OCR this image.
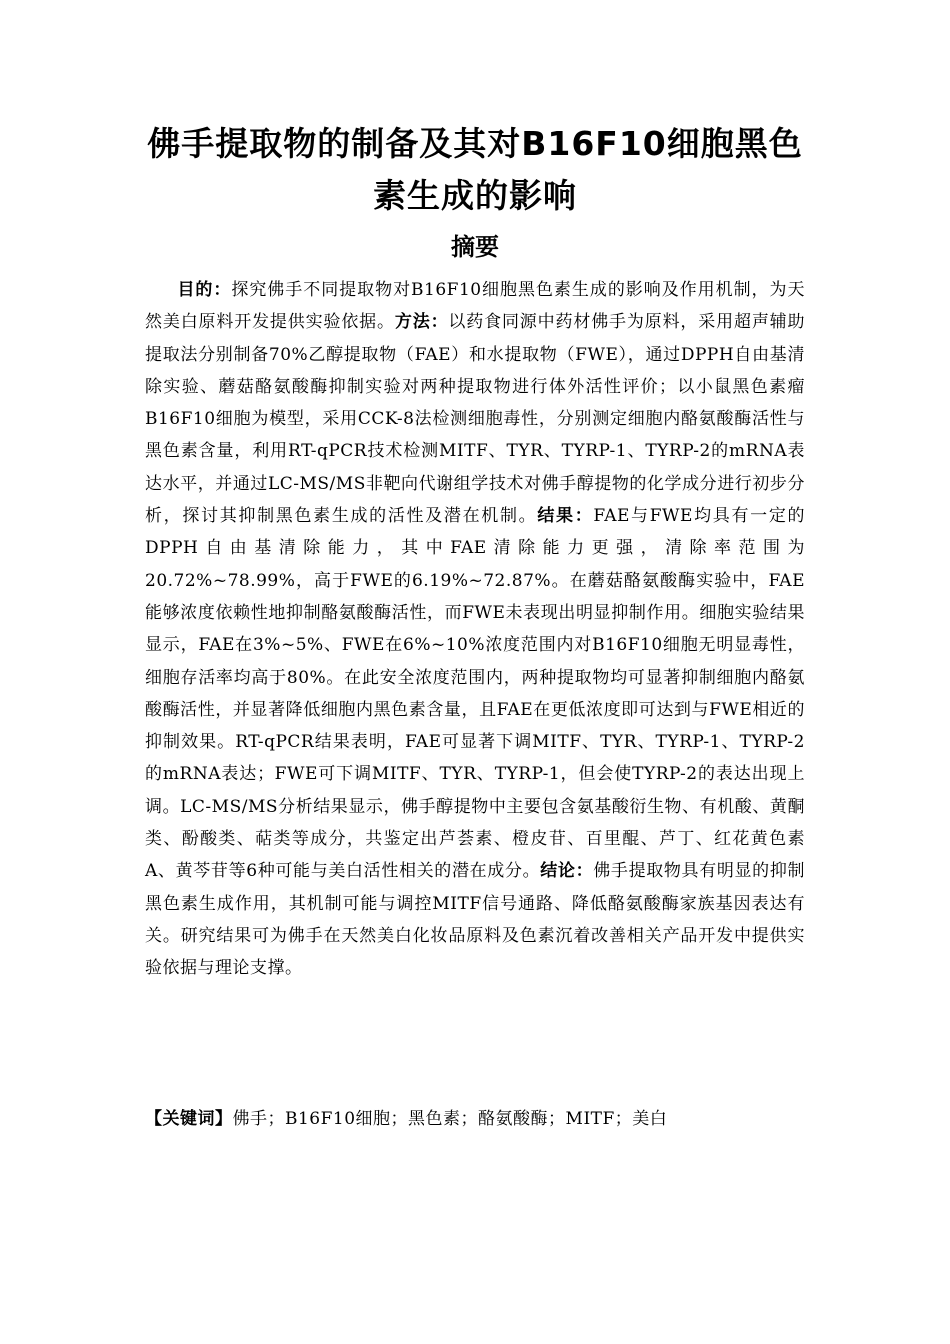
佛手提取物的制备及其对B16F10细胞黑色素生成的影响
摘要

目的：探究佛手不同提取物对B16F10细胞黑色素生成的影响及作用机制，为天然美白原料开发提供实验依据。方法：以药食同源中药材佛手为原料，采用超声辅助提取法分别制备70%乙醇提取物（FAE）和水提取物（FWE），通过DPPH自由基清除实验、蘑菇酪氨酸酶抑制实验对两种提取物进行体外活性评价；以小鼠黑色素瘤B16F10细胞为模型，采用CCK-8法检测细胞毒性，分别测定细胞内酪氨酸酶活性与黑色素含量，利用RT-qPCR技术检测MITF、TYR、TYRP-1、TYRP-2的mRNA表达水平，并通过LC-MS/MS非靶向代谢组学技术对佛手醇提物的化学成分进行初步分析，探讨其抑制黑色素生成的活性及潜在机制。结果：FAE与FWE均具有一定的DPPH自由基清除能力，其中FAE清除能力更强，清除率范围为20.72%~78.99%，高于FWE的6.19%~72.87%。在蘑菇酪氨酸酶实验中，FAE能够浓度依赖性地抑制酪氨酸酶活性，而FWE未表现出明显抑制作用。细胞实验结果显示，FAE在3%~5%、FWE在6%~10%浓度范围内对B16F10细胞无明显毒性，细胞存活率均高于80%。在此安全浓度范围内，两种提取物均可显著抑制细胞内酪氨酸酶活性，并显著降低细胞内黑色素含量，且FAE在更低浓度即可达到与FWE相近的抑制效果。RT-qPCR结果表明，FAE可显著下调MITF、TYR、TYRP-1、TYRP-2的mRNA表达；FWE可下调MITF、TYR、TYRP-1，但会使TYRP-2的表达出现上调。LC-MS/MS分析结果显示，佛手醇提物中主要包含氨基酸衍生物、有机酸、黄酮类、酚酸类、萜类等成分，共鉴定出芦荟素、橙皮苷、百里醌、芦丁、红花黄色素A、黄芩苷等6种可能与美白活性相关的潜在成分。结论：佛手提取物具有明显的抑制黑色素生成作用，其机制可能与调控MITF信号通路、降低酪氨酸酶家族基因表达有关。研究结果可为佛手在天然美白化妆品原料及色素沉着改善相关产品开发中提供实验依据与理论支撑。

【关键词】佛手；B16F10细胞；黑色素；酪氨酸酶；MITF；美白
